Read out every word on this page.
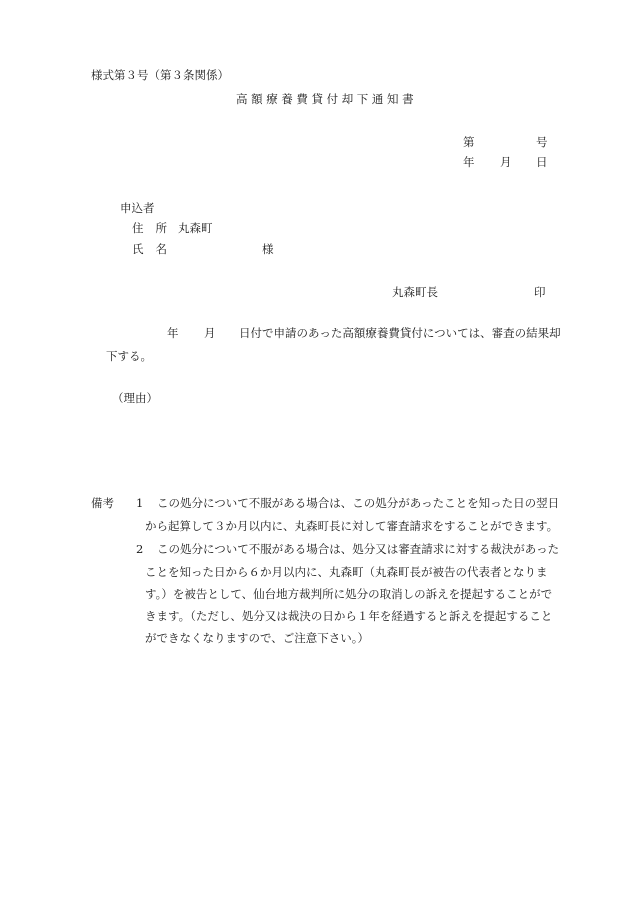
様式第３号（第３条関係）
高額療養費貸付却下通知書
第	号
年 月 日
申込者
住所 丸森町
氏名	様
丸森町長	印
年 月 日付で申請のあった高額療養費貸付については、審査の結果却
下する。
（理由）
備考 1 この処分について不服がある場合は、この処分があったことを知った日の翌日
から起算して３か月以内に、丸森町長に対して審査請求をすることができます。
2 この処分について不服がある場合は、処分又は審査請求に対する裁決があった
ことを知った日から６か月以内に、丸森町（丸森町長が被告の代表者となりま
す。）を被告として、仙台地方裁判所に処分の取消しの訴えを提起することがで
きます。（ただし、処分又は裁決の日から１年を経過すると訴えを提起すること
ができなくなりますので、ご注意下さい。）
